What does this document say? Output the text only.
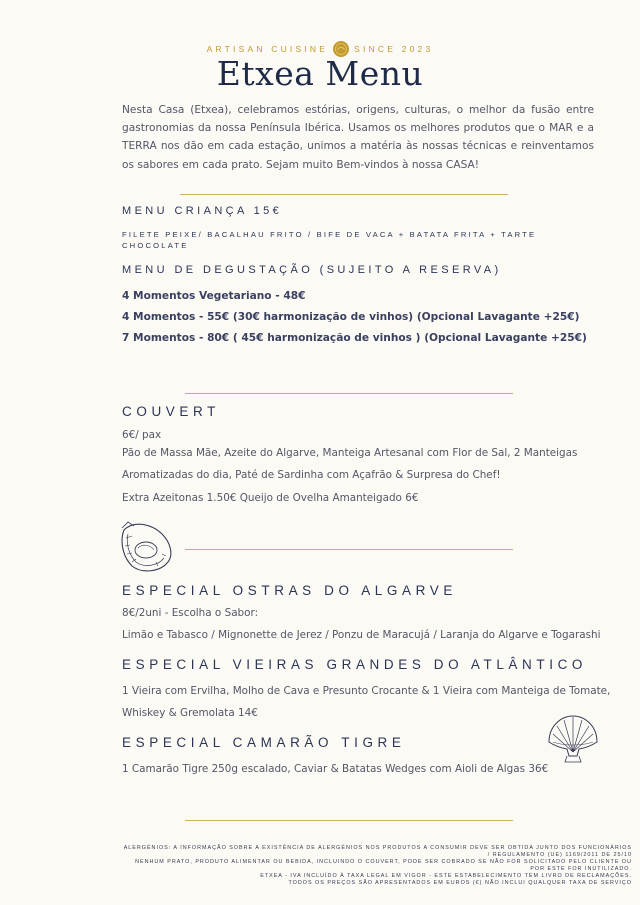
ARTISAN CUISINE	SINCE 2023
Etxea Menu
Nesta Casa (Etxea), celebramos estórias, origens, culturas, o melhor da fusão entre gastronomias da nossa Península Ibérica. Usamos os melhores produtos que o MAR e a TERRA nos dão em cada estação, unimos a matéria às nossas técnicas e reinventamos os sabores em cada prato. Sejam muito Bem-vindos à nossa CASA!
MENU CRIANÇA 15€
FILETE PEIXE/ BACALHAU FRITO / BIFE DE VACA + BATATA FRITA + TARTE CHOCOLATE
MENU DE DEGUSTAÇÃO (SUJEITO A RESERVA)
4 Momentos Vegetariano - 48€
4 Momentos - 55€ (30€ harmonização de vinhos) (Opcional Lavagante +25€)
7 Momentos - 80€ ( 45€ harmonização de vinhos ) (Opcional Lavagante +25€)
COUVERT
6€/ pax
Pão de Massa Mãe, Azeite do Algarve, Manteiga Artesanal com Flor de Sal, 2 Manteigas Aromatizadas do dia, Paté de Sardinha com Açafrão & Surpresa do Chef!
Extra Azeitonas 1.50€ Queijo de Ovelha Amanteigado 6€
ESPECIAL OSTRAS DO ALGARVE
8€/2uni - Escolha o Sabor:
Limão e Tabasco / Mignonette de Jerez / Ponzu de Maracujá / Laranja do Algarve e Togarashi
ESPECIAL VIEIRAS GRANDES DO ATLÂNTICO
1 Vieira com Ervilha, Molho de Cava e Presunto Crocante & 1 Vieira com Manteiga de Tomate, Whiskey & Gremolata 14€
ESPECIAL CAMARÃO TIGRE
1 Camarão Tigre 250g escalado, Caviar & Batatas Wedges com Aioli de Algas 36€
ALERGÉNIOS: A INFORMAÇÃO SOBRE A EXISTÊNCIA DE ALERGÉNIOS NOS PRODUTOS A CONSUMIR DEVE SER OBTIDA JUNTO DOS FUNCIONÁRIOS
/ REGULAMENTO (UE) 1169/2011 DE 25/10
NENHUM PRATO, PRODUTO ALIMENTAR OU BEBIDA, INCLUINDO O COUVERT, PODE SER COBRADO SE NÃO FOR SOLICITADO PELO CLIENTE OU
POR ESTE FOR INUTILIZADO.
ETXEA - IVA INCLUÍDO À TAXA LEGAL EM VIGOR - ESTE ESTABELECIMENTO TEM LIVRO DE RECLAMAÇÕES.
TODOS OS PREÇOS SÃO APRESENTADOS EM EUROS (€) NÃO INCLUI QUALQUER TAXA DE SERVIÇO
